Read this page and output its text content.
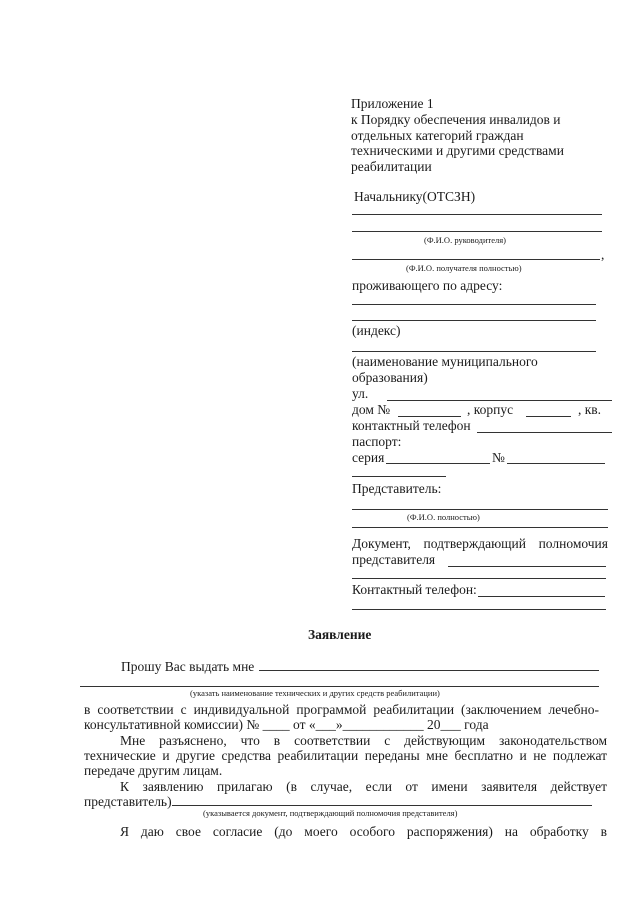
Приложение 1
к Порядку обеспечения инвалидов и
отдельных категорий граждан
техническими и другими средствами
реабилитации
Начальнику(ОТСЗН)
(Ф.И.О. руководителя)
,
(Ф.И.О. получателя полностью)
проживающего по адресу:
(индекс)
(наименование муниципального
образования)
ул.
дом №	, корпус	, кв.
контактный телефон
паспорт:
серия	№
Представитель:
(Ф.И.О. полностью)
Документ, подтверждающий полномочия
представителя
Контактный телефон:
Заявление
Прошу Вас выдать мне
(указать наименование технических и других средств реабилитации)
в соответствии с индивидуальной программой реабилитации (заключением лечебно-
консультативной комиссии) № ____ от «___»____________ 20___ года
Мне разъяснено, что в соответствии с действующим законодательством
технические и другие средства реабилитации переданы мне бесплатно и не подлежат
передаче другим лицам.
К заявлению прилагаю (в случае, если от имени заявителя действует
представитель)
(указывается документ, подтверждающий полномочия представителя)
Я даю свое согласие (до моего особого распоряжения) на обработку в
